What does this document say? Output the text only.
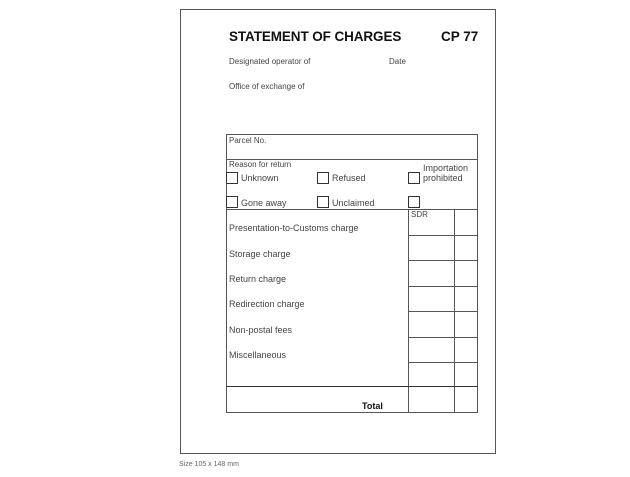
STATEMENT OF CHARGES	CP 77
Designated operator of	Date
Office of exchange of
Parcel No.
Reason for return
Unknown	Refused
Importation
prohibited
Gone away	Unclaimed
SDR
Presentation-to-Customs charge
Storage charge
Return charge
Redirection charge
Non-postal fees
Miscellaneous
Total
Size 105 x 148 mm
